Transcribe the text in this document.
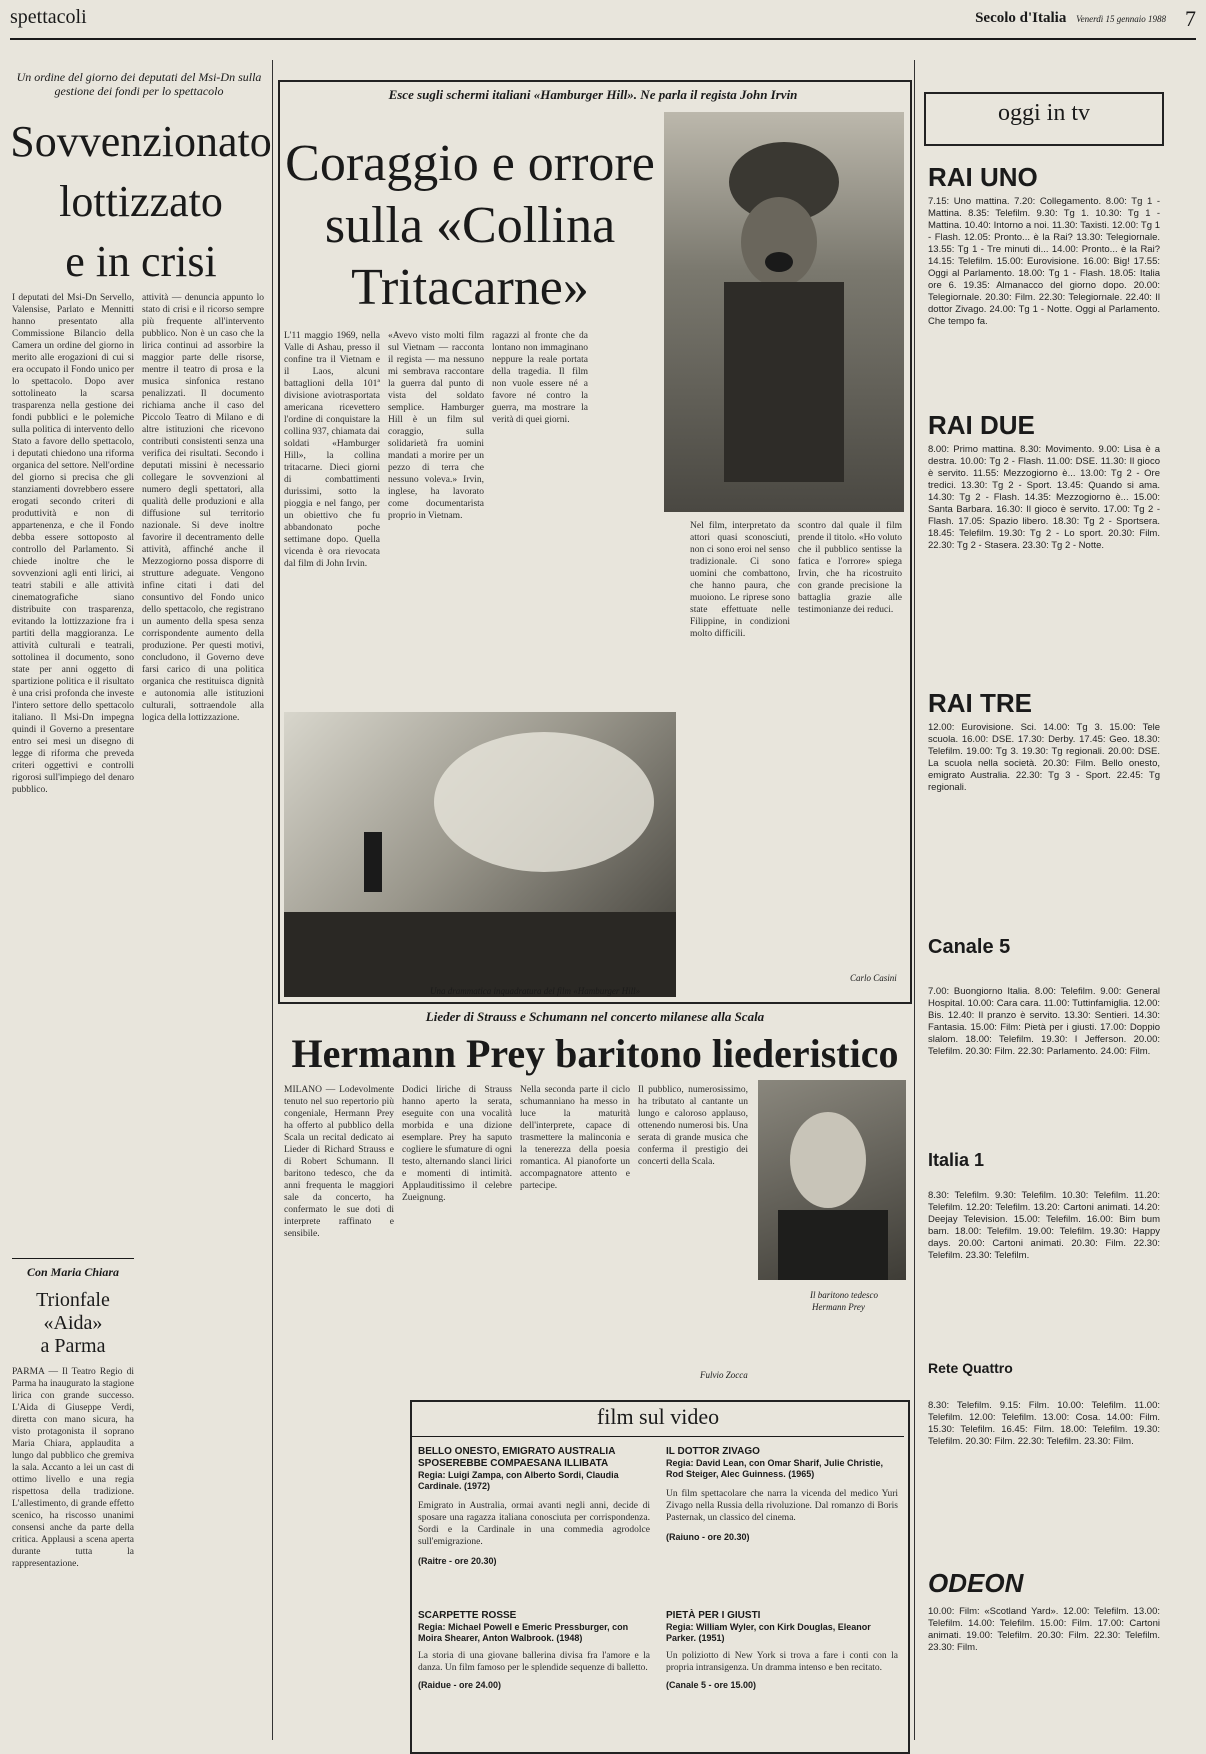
spettacoli	Secolo d'Italia Venerdì 15 gennaio 1988 7
Un ordine del giorno dei deputati del Msi-Dn sulla gestione dei fondi per lo spettacolo
Sovvenzionato
lottizzato
e in crisi
I deputati del Msi-Dn Servello, Valensise, Parlato e Mennitti hanno presentato alla Commissione Bilancio della Camera un ordine del giorno in merito alle erogazioni di cui si era occupato il Fondo unico per lo spettacolo. Dopo aver sottolineato la scarsa trasparenza nella gestione dei fondi pubblici e le polemiche sulla politica di intervento dello Stato a favore dello spettacolo, i deputati chiedono una riforma organica del settore. Nell'ordine del giorno si precisa che gli stanziamenti dovrebbero essere erogati secondo criteri di produttività e non di appartenenza, e che il Fondo debba essere sottoposto al controllo del Parlamento. Si chiede inoltre che le sovvenzioni agli enti lirici, ai teatri stabili e alle attività cinematografiche siano distribuite con trasparenza, evitando la lottizzazione fra i partiti della maggioranza. Le attività culturali e teatrali, sottolinea il documento, sono state per anni oggetto di spartizione politica e il risultato è una crisi profonda che investe l'intero settore dello spettacolo italiano. Il Msi-Dn impegna quindi il Governo a presentare entro sei mesi un disegno di legge di riforma che preveda criteri oggettivi e controlli rigorosi sull'impiego del denaro pubblico.
attività — denuncia appunto lo stato di crisi e il ricorso sempre più frequente all'intervento pubblico. Non è un caso che la lirica continui ad assorbire la maggior parte delle risorse, mentre il teatro di prosa e la musica sinfonica restano penalizzati. Il documento richiama anche il caso del Piccolo Teatro di Milano e di altre istituzioni che ricevono contributi consistenti senza una verifica dei risultati. Secondo i deputati missini è necessario collegare le sovvenzioni al numero degli spettatori, alla qualità delle produzioni e alla diffusione sul territorio nazionale. Si deve inoltre favorire il decentramento delle attività, affinché anche il Mezzogiorno possa disporre di strutture adeguate. Vengono infine citati i dati del consuntivo del Fondo unico dello spettacolo, che registrano un aumento della spesa senza corrispondente aumento della produzione. Per questi motivi, concludono, il Governo deve farsi carico di una politica organica che restituisca dignità e autonomia alle istituzioni culturali, sottraendole alla logica della lottizzazione.
Con Maria Chiara
Trionfale
«Aida»
a Parma
PARMA — Il Teatro Regio di Parma ha inaugurato la stagione lirica con grande successo. L'Aida di Giuseppe Verdi, diretta con mano sicura, ha visto protagonista il soprano Maria Chiara, applaudita a lungo dal pubblico che gremiva la sala. Accanto a lei un cast di ottimo livello e una regia rispettosa della tradizione. L'allestimento, di grande effetto scenico, ha riscosso unanimi consensi anche da parte della critica. Applausi a scena aperta durante tutta la rappresentazione.
Esce sugli schermi italiani «Hamburger Hill». Ne parla il regista John Irvin
Coraggio e orrore
sulla «Collina
Tritacarne»
L'11 maggio 1969, nella Valle di Ashau, presso il confine tra il Vietnam e il Laos, alcuni battaglioni della 101ª divisione aviotrasportata americana ricevettero l'ordine di conquistare la collina 937, chiamata dai soldati «Hamburger Hill», la collina tritacarne. Dieci giorni di combattimenti durissimi, sotto la pioggia e nel fango, per un obiettivo che fu abbandonato poche settimane dopo. Quella vicenda è ora rievocata dal film di John Irvin.
«Avevo visto molti film sul Vietnam — racconta il regista — ma nessuno mi sembrava raccontare la guerra dal punto di vista del soldato semplice. Hamburger Hill è un film sul coraggio, sulla solidarietà fra uomini mandati a morire per un pezzo di terra che nessuno voleva.» Irvin, inglese, ha lavorato come documentarista proprio in Vietnam.
ragazzi al fronte che da lontano non immaginano neppure la reale portata della tragedia. Il film non vuole essere né a favore né contro la guerra, ma mostrare la verità di quei giorni.
Una drammatica inquadratura del film «Hamburger Hill»
Nel film, interpretato da attori quasi sconosciuti, non ci sono eroi nel senso tradizionale. Ci sono uomini che combattono, che hanno paura, che muoiono. Le riprese sono state effettuate nelle Filippine, in condizioni molto difficili.
scontro dal quale il film prende il titolo. «Ho voluto che il pubblico sentisse la fatica e l'orrore» spiega Irvin, che ha ricostruito con grande precisione la battaglia grazie alle testimonianze dei reduci.
Carlo Casini
Lieder di Strauss e Schumann nel concerto milanese alla Scala
Hermann Prey baritono liederistico
MILANO — Lodevolmente tenuto nel suo repertorio più congeniale, Hermann Prey ha offerto al pubblico della Scala un recital dedicato ai Lieder di Richard Strauss e di Robert Schumann. Il baritono tedesco, che da anni frequenta le maggiori sale da concerto, ha confermato le sue doti di interprete raffinato e sensibile.
Dodici liriche di Strauss hanno aperto la serata, eseguite con una vocalità morbida e una dizione esemplare. Prey ha saputo cogliere le sfumature di ogni testo, alternando slanci lirici e momenti di intimità. Applauditissimo il celebre Zueignung.
Nella seconda parte il ciclo schumanniano ha messo in luce la maturità dell'interprete, capace di trasmettere la malinconia e la tenerezza della poesia romantica. Al pianoforte un accompagnatore attento e partecipe.
Il pubblico, numerosissimo, ha tributato al cantante un lungo e caloroso applauso, ottenendo numerosi bis. Una serata di grande musica che conferma il prestigio dei concerti della Scala.
Fulvio Zocca
Il baritono tedesco
Hermann Prey
film sul video
BELLO ONESTO, EMIGRATO AUSTRALIA SPOSEREBBE COMPAESANA ILLIBATA
Regia: Luigi Zampa, con Alberto Sordi, Claudia Cardinale. (1972)
Emigrato in Australia, ormai avanti negli anni, decide di sposare una ragazza italiana conosciuta per corrispondenza. Sordi e la Cardinale in una commedia agrodolce sull'emigrazione.
(Raitre - ore 20.30)
IL DOTTOR ZIVAGO
Regia: David Lean, con Omar Sharif, Julie Christie, Rod Steiger, Alec Guinness. (1965)
Un film spettacolare che narra la vicenda del medico Yuri Zivago nella Russia della rivoluzione. Dal romanzo di Boris Pasternak, un classico del cinema.
(Raiuno - ore 20.30)
SCARPETTE ROSSE
Regia: Michael Powell e Emeric Pressburger, con Moira Shearer, Anton Walbrook. (1948)
La storia di una giovane ballerina divisa fra l'amore e la danza. Un film famoso per le splendide sequenze di balletto.
(Raidue - ore 24.00)
PIETÀ PER I GIUSTI
Regia: William Wyler, con Kirk Douglas, Eleanor Parker. (1951)
Un poliziotto di New York si trova a fare i conti con la propria intransigenza. Un dramma intenso e ben recitato.
(Canale 5 - ore 15.00)
oggi in tv
RAI UNO
7.15: Uno mattina. 7.20: Collegamento. 8.00: Tg 1 - Mattina. 8.35: Telefilm. 9.30: Tg 1. 10.30: Tg 1 - Mattina. 10.40: Intorno a noi. 11.30: Taxisti. 12.00: Tg 1 - Flash. 12.05: Pronto... è la Rai? 13.30: Telegiornale. 13.55: Tg 1 - Tre minuti di... 14.00: Pronto... è la Rai? 14.15: Telefilm. 15.00: Eurovisione. 16.00: Big! 17.55: Oggi al Parlamento. 18.00: Tg 1 - Flash. 18.05: Italia ore 6. 19.35: Almanacco del giorno dopo. 20.00: Telegiornale. 20.30: Film. 22.30: Telegiornale. 22.40: Il dottor Zivago. 24.00: Tg 1 - Notte. Oggi al Parlamento. Che tempo fa.
RAI DUE
8.00: Primo mattina. 8.30: Movimento. 9.00: Lisa è a destra. 10.00: Tg 2 - Flash. 11.00: DSE. 11.30: Il gioco è servito. 11.55: Mezzogiorno è... 13.00: Tg 2 - Ore tredici. 13.30: Tg 2 - Sport. 13.45: Quando si ama. 14.30: Tg 2 - Flash. 14.35: Mezzogiorno è... 15.00: Santa Barbara. 16.30: Il gioco è servito. 17.00: Tg 2 - Flash. 17.05: Spazio libero. 18.30: Tg 2 - Sportsera. 18.45: Telefilm. 19.30: Tg 2 - Lo sport. 20.30: Film. 22.30: Tg 2 - Stasera. 23.30: Tg 2 - Notte.
RAI TRE
12.00: Eurovisione. Sci. 14.00: Tg 3. 15.00: Tele scuola. 16.00: DSE. 17.30: Derby. 17.45: Geo. 18.30: Telefilm. 19.00: Tg 3. 19.30: Tg regionali. 20.00: DSE. La scuola nella società. 20.30: Film. Bello onesto, emigrato Australia. 22.30: Tg 3 - Sport. 22.45: Tg regionali.
Canale 5
7.00: Buongiorno Italia. 8.00: Telefilm. 9.00: General Hospital. 10.00: Cara cara. 11.00: Tuttinfamiglia. 12.00: Bis. 12.40: Il pranzo è servito. 13.30: Sentieri. 14.30: Fantasia. 15.00: Film: Pietà per i giusti. 17.00: Doppio slalom. 18.00: Telefilm. 19.30: I Jefferson. 20.00: Telefilm. 20.30: Film. 22.30: Parlamento. 24.00: Film.
Italia 1
8.30: Telefilm. 9.30: Telefilm. 10.30: Telefilm. 11.20: Telefilm. 12.20: Telefilm. 13.20: Cartoni animati. 14.20: Deejay Television. 15.00: Telefilm. 16.00: Bim bum bam. 18.00: Telefilm. 19.00: Telefilm. 19.30: Happy days. 20.00: Cartoni animati. 20.30: Film. 22.30: Telefilm. 23.30: Telefilm.
Rete Quattro
8.30: Telefilm. 9.15: Film. 10.00: Telefilm. 11.00: Telefilm. 12.00: Telefilm. 13.00: Cosa. 14.00: Film. 15.30: Telefilm. 16.45: Film. 18.00: Telefilm. 19.30: Telefilm. 20.30: Film. 22.30: Telefilm. 23.30: Film.
ODEON
10.00: Film: «Scotland Yard». 12.00: Telefilm. 13.00: Telefilm. 14.00: Telefilm. 15.00: Film. 17.00: Cartoni animati. 19.00: Telefilm. 20.30: Film. 22.30: Telefilm. 23.30: Film.
